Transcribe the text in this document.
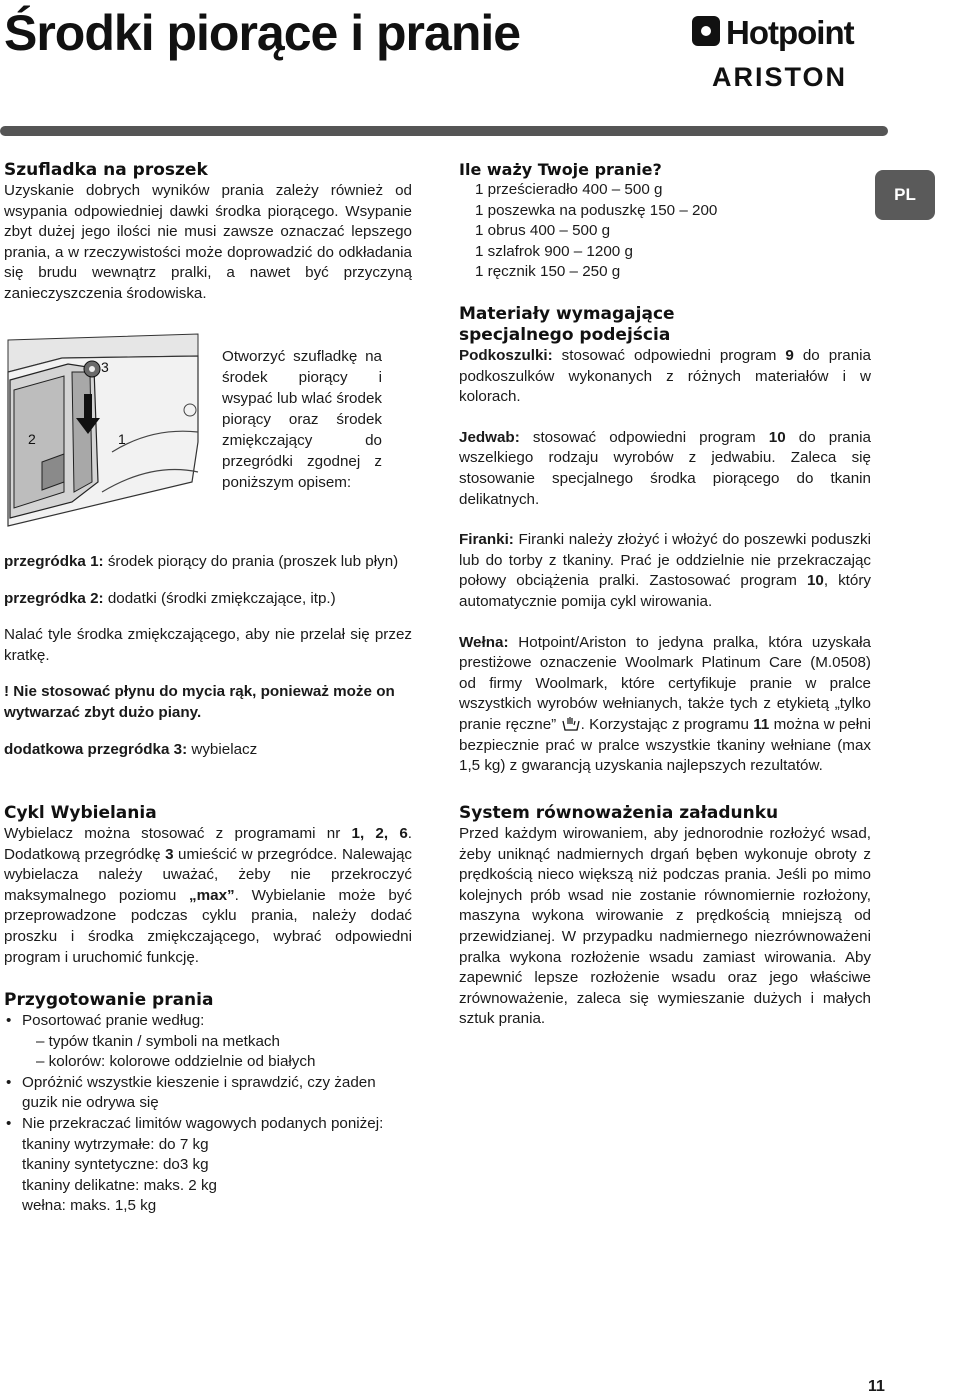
Środki piorące i pranie	Hotpoint
ARISTON
PL

Szufladka na proszek

Uzyskanie dobrych wyników prania zależy również od wsypania odpowiedniej dawki środka piorącego. Wsypanie zbyt dużej jego ilości nie musi zawsze oznaczać lepszego prania, a w rzeczywistości może doprowadzić do odkładania się brudu wewnątrz pralki, a nawet być przyczyną zanieczyszczenia środowiska.

3
1
2

Otworzyć szufladkę na środek piorący i wsypać lub wlać środek piorący oraz środek zmiękczający do przegródki zgodnej z poniższym opisem:

przegródka 1: środek piorący do prania (proszek lub płyn)

przegródka 2: dodatki (środki zmiękczające, itp.)

Nalać tyle środka zmiękczającego, aby nie przelał się przez kratkę.

! Nie stosować płynu do mycia rąk, ponieważ może on wytwarzać zbyt dużo piany.

dodatkowa przegródka 3: wybielacz

Cykl Wybielania

Wybielacz można stosować z programami nr 1, 2, 6. Dodatkową przegródkę 3 umieścić w przegródce. Nalewając wybielacza należy uważać, żeby nie przekroczyć maksymalnego poziomu „max”. Wybielanie może być przeprowadzone podczas cyklu prania, należy dodać proszku i środka zmiękczającego, wybrać odpowiedni program i uruchomić funkcję.

Przygotowanie prania

• Posortować pranie według:
– typów tkanin / symboli na metkach
– kolorów: kolorowe oddzielnie od białych
• Opróżnić wszystkie kieszenie i sprawdzić, czy żaden guzik nie odrywa się
• Nie przekraczać limitów wagowych podanych poniżej:
tkaniny wytrzymałe: do 7 kg
tkaniny syntetyczne: do3 kg
tkaniny delikatne: maks. 2 kg
wełna: maks. 1,5 kg

Ile waży Twoje pranie?

1 prześcieradło 400 – 500 g

1 poszewka na poduszkę 150 – 200

1 obrus 400 – 500 g

1 szlafrok 900 – 1200 g

1 ręcznik 150 – 250 g

Materiały wymagające

specjalnego podejścia

Podkoszulki: stosować odpowiedni program 9 do prania podkoszulków wykonanych z różnych materiałów i w kolorach.

Jedwab: stosować odpowiedni program 10 do prania wszelkiego rodzaju wyrobów z jedwabiu. Zaleca się stosowanie specjalnego środka piorącego do tkanin delikatnych.

Firanki: Firanki należy złożyć i włożyć do poszewki poduszki lub do torby z tkaniny. Prać je oddzielnie nie przekraczając połowy obciążenia pralki. Zastosować program 10, który automatycznie pomija cykl wirowania.

Wełna: Hotpoint/Ariston to jedyna pralka, która uzyskała prestiżowe oznaczenie Woolmark Platinum Care (M.0508) od firmy Woolmark, które certyfikuje pranie w pralce wszystkich wyrobów wełnianych, także tych z etykietą „tylko pranie ręczne” . Korzystając z programu 11 można w pełni bezpiecznie prać w pralce wszystkie tkaniny wełniane (max 1,5 kg) z gwarancją uzyskania najlepszych rezultatów.

System równoważenia załadunku

Przed każdym wirowaniem, aby jednorodnie rozłożyć wsad, żeby uniknąć nadmiernych drgań bęben wykonuje obroty z prędkością nieco większą niż podczas prania. Jeśli po mimo kolejnych prób wsad nie zostanie równomiernie rozłożony, maszyna wykona wirowanie z prędkością mniejszą od przewidzianej. W przypadku nadmiernego niezrównoważeni pralka wykona rozłożenie wsadu zamiast wirowania. Aby zapewnić lepsze rozłożenie wsadu oraz jego właściwe zrównoważenie, zaleca się wymieszanie dużych i małych sztuk prania.

11
